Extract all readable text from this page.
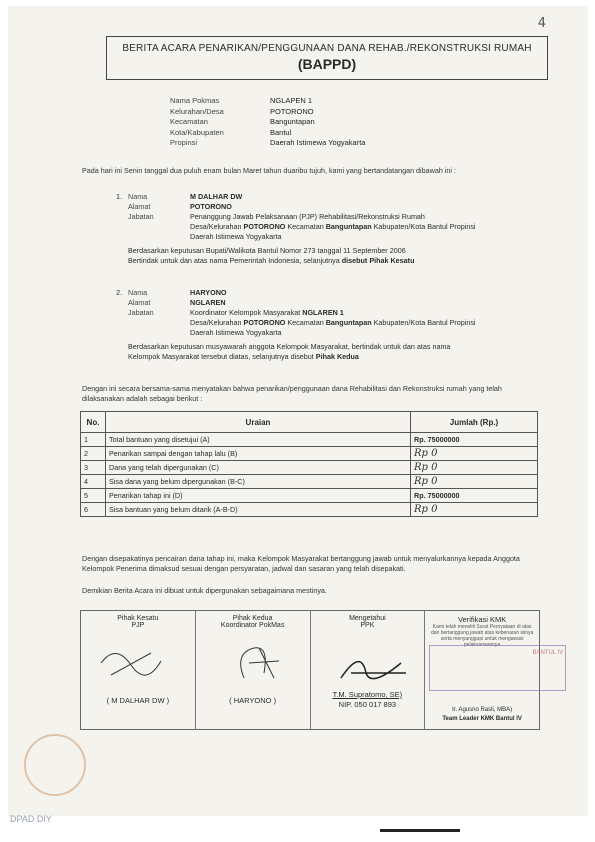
4
BERITA ACARA PENARIKAN/PENGGUNAAN DANA REHAB./REKONSTRUKSI RUMAH
(BAPPD)
Nama Pokmas	NGLAPEN 1
Kelurahan/Desa	POTORONO
Kecamatan	Banguntapan
Kota/Kabupaten	Bantul
Propinsi	Daerah Istimewa Yogyakarta
Pada hari ini Senin tanggal dua puluh enam bulan Maret tahun duaribu tujuh, kami yang bertandatangan dibawah ini :
1. Nama	M DALHAR DW
Alamat	POTORONO
Jabatan	Penanggung Jawab Pelaksanaan (PJP) Rehabilitasi/Rekonstruksi Rumah
Desa/Kelurahan POTORONO Kecamatan Banguntapan Kabupaten/Kota Bantul Propinsi
Daerah Istimewa Yogyakarta
Berdasarkan keputusan Bupati/Walikota Bantul Nomor 273 tanggal 11 September 2006
Bertindak untuk dan atas nama Pemerintah Indonesia, selanjutnya disebut Pihak Kesatu
2. Nama	HARYONO
Alamat	NGLAREN
Jabatan	Koordinator Kelompok Masyarakat NGLAREN 1
Desa/Kelurahan POTORONO Kecamatan Banguntapan Kabupaten/Kota Bantul Propinsi
Daerah Istimewa Yogyakarta
Berdasarkan keputusan musyawarah anggota Kelompok Masyarakat, bertindak untuk dan atas nama
Kelompok Masyarakat tersebut diatas, selanjutnya disebut Pihak Kedua
Dengan ini secara bersama-sama menyatakan bahwa penarikan/penggunaan dana Rehabilitasi dan Rekonstruksi rumah yang telah dilaksanakan adalah sebagai berikut :
No.	Uraian	Jumlah (Rp.)
1	Total bantuan yang disetujui (A)	Rp. 75000000
2	Penarikan sampai dengan tahap lalu (B)	Rp 0
3	Dana yang telah dipergunakan (C)	Rp 0
4	Sisa dana yang belum dipergunakan (B-C)	Rp 0
5	Penarikan tahap ini (D)	Rp. 75000000
6	Sisa bantuan yang belum ditarik (A-B-D)	Rp 0
Dengan disepakatinya pencairan dana tahap ini, maka Kelompok Masyarakat bertanggung jawab untuk menyalurkannya kepada Anggota Kelompok Penerima dimaksud sesuai dengan persyaratan, jadwal dan sasaran yang telah disepakati.
Demikian Berita Acara ini dibuat untuk dipergunakan sebagaimana mestinya.
Pihak Kesatu
PJP
( M DALHAR DW )
Pihak Kedua
Koordinator PokMas
( HARYONO )
Mengetahui
PPK
T.M. Supratomo, SE)
NIP. 050 017 893
Verifikasi KMK
Kami telah meneliti Surat Pernyataan di atas dan bertanggung jawab atas kebenaran isinya serta menyanggupi untuk mengawasi pelaksanaannya
BANTUL IV
Ir. Agusno Rasli, MBA)
Team Leader KMK Bantul IV
DPAD DIY
